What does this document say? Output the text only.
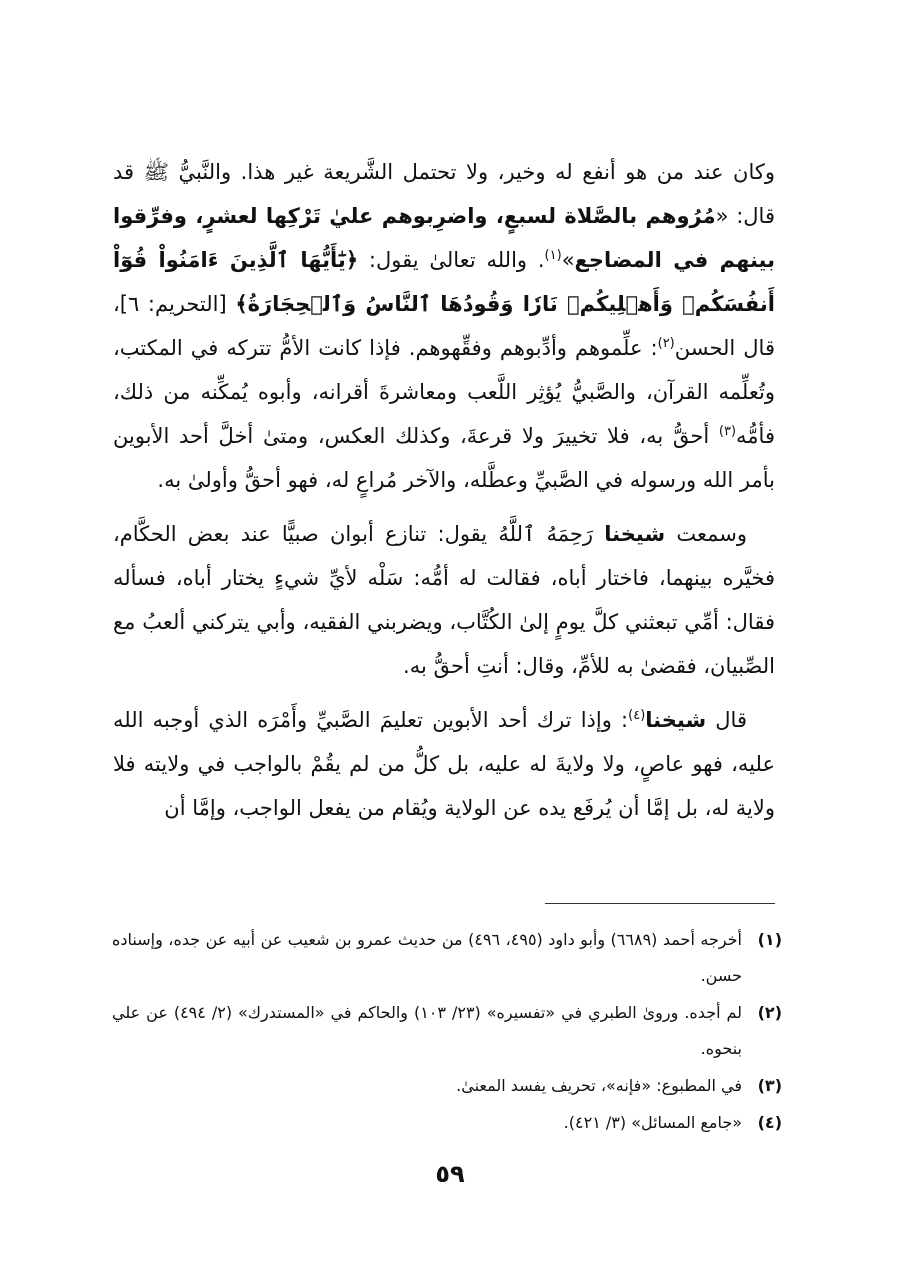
وكان عند من هو أنفع له وخير، ولا تحتمل الشَّريعة غير هذا. والنَّبيُّ ﷺ قد قال: «مُرُوهم بالصَّلاة لسبعٍ، واضرِبوهم عليٰ تَرْكِها لعشرٍ، وفرِّقوا بينهم في المضاجع»$^{(١)}$. والله تعالىٰ يقول: ﴿يَٰٓأَيُّهَا ٱلَّذِينَ ءَامَنُواْ قُوٓاْ أَنفُسَكُمۡ وَأَهۡلِيكُمۡ نَارٗا وَقُودُهَا ٱلنَّاسُ وَٱلۡحِجَارَةُ﴾ [التحريم: ٦]، قال الحسن$^{(٢)}$: علِّموهم وأدِّبوهم وفقِّهوهم. فإذا كانت الأمُّ تتركه في المكتب، وتُعلِّمه القرآن، والصَّبيُّ يُؤثِر اللَّعب ومعاشرةَ أقرانه، وأبوه يُمكِّنه من ذلك، فأمُّه$^{(٣)}$ أحقُّ به، فلا تخييرَ ولا قرعةَ، وكذلك العكس، ومتىٰ أخلَّ أحد الأبوين بأمر الله ورسوله في الصَّبيِّ وعطَّله، والآخر مُراعٍ له، فهو أحقُّ وأولىٰ به.

وسمعت شيخنا رَحِمَهُ ٱللَّهُ يقول: تنازع أبوان صبيًّا عند بعض الحكَّام، فخيَّره بينهما، فاختار أباه، فقالت له أمُّه: سَلْه لأيِّ شيءٍ يختار أباه، فسأله فقال: أمِّي تبعثني كلَّ يومٍ إلىٰ الكُتَّاب، ويضربني الفقيه، وأبي يتركني ألعبُ مع الصِّبيان، فقضىٰ به للأمِّ، وقال: أنتِ أحقُّ به.

قال شيخنا$^{(٤)}$: وإذا ترك أحد الأبوين تعليمَ الصَّبيِّ وأَمْرَه الذي أوجبه الله عليه، فهو عاصٍ، ولا ولايةَ له عليه، بل كلُّ من لم يقُمْ بالواجب في ولايته فلا ولاية له، بل إمَّا أن يُرفَع يده عن الولاية ويُقام من يفعل الواجب، وإمَّا أن

(١)
أخرجه أحمد (٦٦٨٩) وأبو داود (٤٩٥، ٤٩٦) من حديث عمرو بن شعيب عن أبيه عن جده، وإسناده حسن.
(٢)
لم أجده. وروىٰ الطبري في «تفسيره» (٢٣/ ١٠٣) والحاكم في «المستدرك» (٢/ ٤٩٤) عن علي بنحوه.
(٣)
في المطبوع: «فإنه»، تحريف يفسد المعنىٰ.
(٤)
«جامع المسائل» (٣/ ٤٢١).
٥٩
